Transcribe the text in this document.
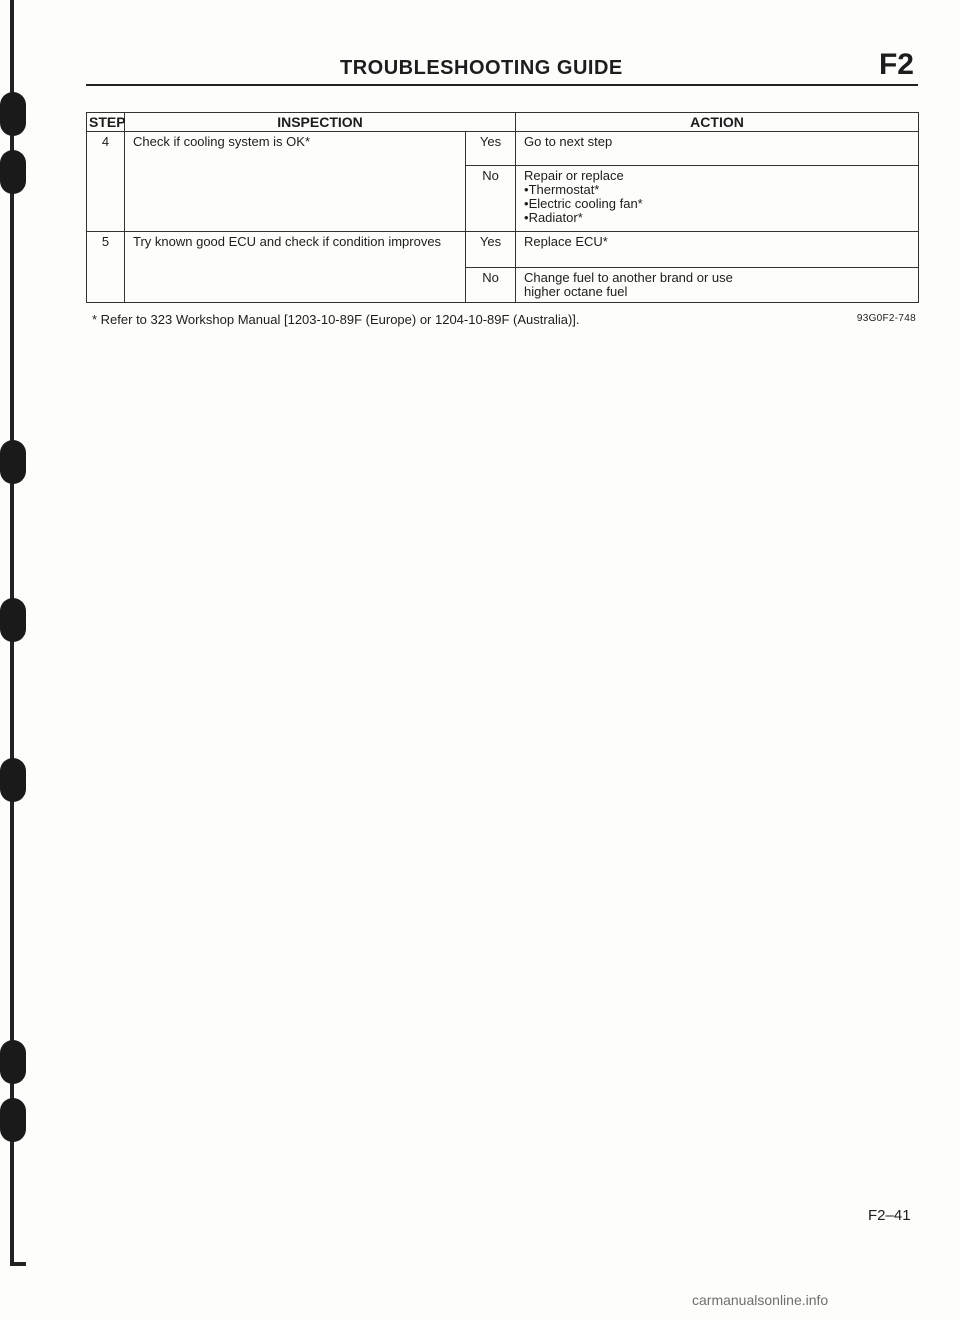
TROUBLESHOOTING GUIDE	F2
STEP	INSPECTION		ACTION
4	Check if cooling system is OK*	Yes	Go to next step

		No	Repair or replace
•Thermostat*
•Electric cooling fan*
•Radiator*

5	Try known good ECU and check if condition improves	Yes	Replace ECU*

		No	Change fuel to another brand or use
higher octane fuel
* Refer to 323 Workshop Manual [1203-10-89F (Europe) or 1204-10-89F (Australia)].	93G0F2-748
F2–41
carmanualsonline.info
